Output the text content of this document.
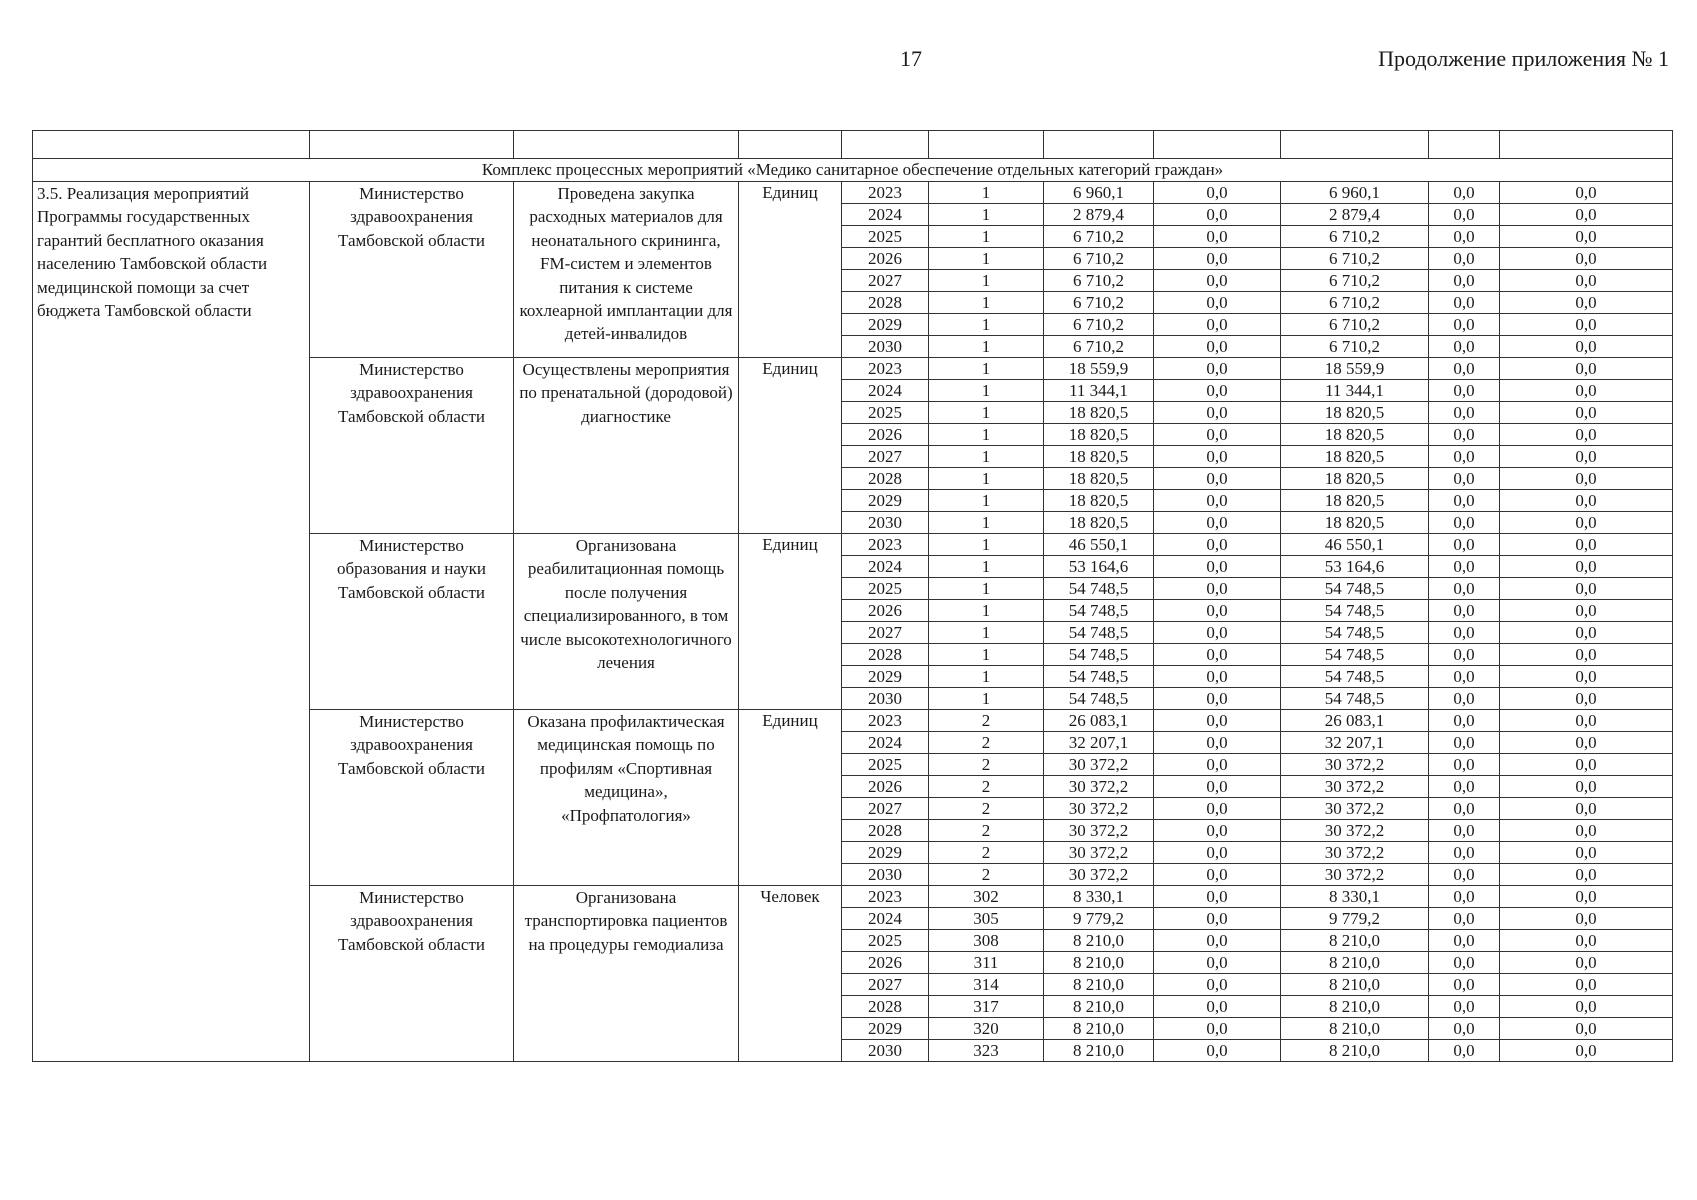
17	Продолжение приложения № 1

Комплекс процессных мероприятий «Медико санитарное обеспечение отдельных категорий граждан»										
3.5. Реализация мероприятий Программы государственных гарантий бесплатного оказания населению Тамбовской области медицинской помощи за счет бюджета Тамбовской области	Министерство здравоохранения Тамбовской области	Проведена закупка расходных материалов для неонатального скрининга, FM-систем и элементов питания к системе кохлеарной имплантации для детей-инвалидов	Единиц	2023	1	6 960,1	0,0	6 960,1	0,0	0,0
				2024	1	2 879,4	0,0	2 879,4	0,0	0,0
				2025	1	6 710,2	0,0	6 710,2	0,0	0,0
				2026	1	6 710,2	0,0	6 710,2	0,0	0,0
				2027	1	6 710,2	0,0	6 710,2	0,0	0,0
				2028	1	6 710,2	0,0	6 710,2	0,0	0,0
				2029	1	6 710,2	0,0	6 710,2	0,0	0,0
				2030	1	6 710,2	0,0	6 710,2	0,0	0,0
	Министерство здравоохранения Тамбовской области	Осуществлены мероприятия по пренатальной (дородовой) диагностике	Единиц	2023	1	18 559,9	0,0	18 559,9	0,0	0,0
				2024	1	11 344,1	0,0	11 344,1	0,0	0,0
				2025	1	18 820,5	0,0	18 820,5	0,0	0,0
				2026	1	18 820,5	0,0	18 820,5	0,0	0,0
				2027	1	18 820,5	0,0	18 820,5	0,0	0,0
				2028	1	18 820,5	0,0	18 820,5	0,0	0,0
				2029	1	18 820,5	0,0	18 820,5	0,0	0,0
				2030	1	18 820,5	0,0	18 820,5	0,0	0,0
	Министерство образования и науки Тамбовской области	Организована реабилитационная помощь после получения специализированного, в том числе высокотехнологичного лечения	Единиц	2023	1	46 550,1	0,0	46 550,1	0,0	0,0
				2024	1	53 164,6	0,0	53 164,6	0,0	0,0
				2025	1	54 748,5	0,0	54 748,5	0,0	0,0
				2026	1	54 748,5	0,0	54 748,5	0,0	0,0
				2027	1	54 748,5	0,0	54 748,5	0,0	0,0
				2028	1	54 748,5	0,0	54 748,5	0,0	0,0
				2029	1	54 748,5	0,0	54 748,5	0,0	0,0
				2030	1	54 748,5	0,0	54 748,5	0,0	0,0
	Министерство здравоохранения Тамбовской области	Оказана профилактическая медицинская помощь по профилям «Спортивная медицина», «Профпатология»	Единиц	2023	2	26 083,1	0,0	26 083,1	0,0	0,0
				2024	2	32 207,1	0,0	32 207,1	0,0	0,0
				2025	2	30 372,2	0,0	30 372,2	0,0	0,0
				2026	2	30 372,2	0,0	30 372,2	0,0	0,0
				2027	2	30 372,2	0,0	30 372,2	0,0	0,0
				2028	2	30 372,2	0,0	30 372,2	0,0	0,0
				2029	2	30 372,2	0,0	30 372,2	0,0	0,0
				2030	2	30 372,2	0,0	30 372,2	0,0	0,0
	Министерство здравоохранения Тамбовской области	Организована транспортировка пациентов на процедуры гемодиализа	Человек	2023	302	8 330,1	0,0	8 330,1	0,0	0,0
				2024	305	9 779,2	0,0	9 779,2	0,0	0,0
				2025	308	8 210,0	0,0	8 210,0	0,0	0,0
				2026	311	8 210,0	0,0	8 210,0	0,0	0,0
				2027	314	8 210,0	0,0	8 210,0	0,0	0,0
				2028	317	8 210,0	0,0	8 210,0	0,0	0,0
				2029	320	8 210,0	0,0	8 210,0	0,0	0,0
				2030	323	8 210,0	0,0	8 210,0	0,0	0,0
